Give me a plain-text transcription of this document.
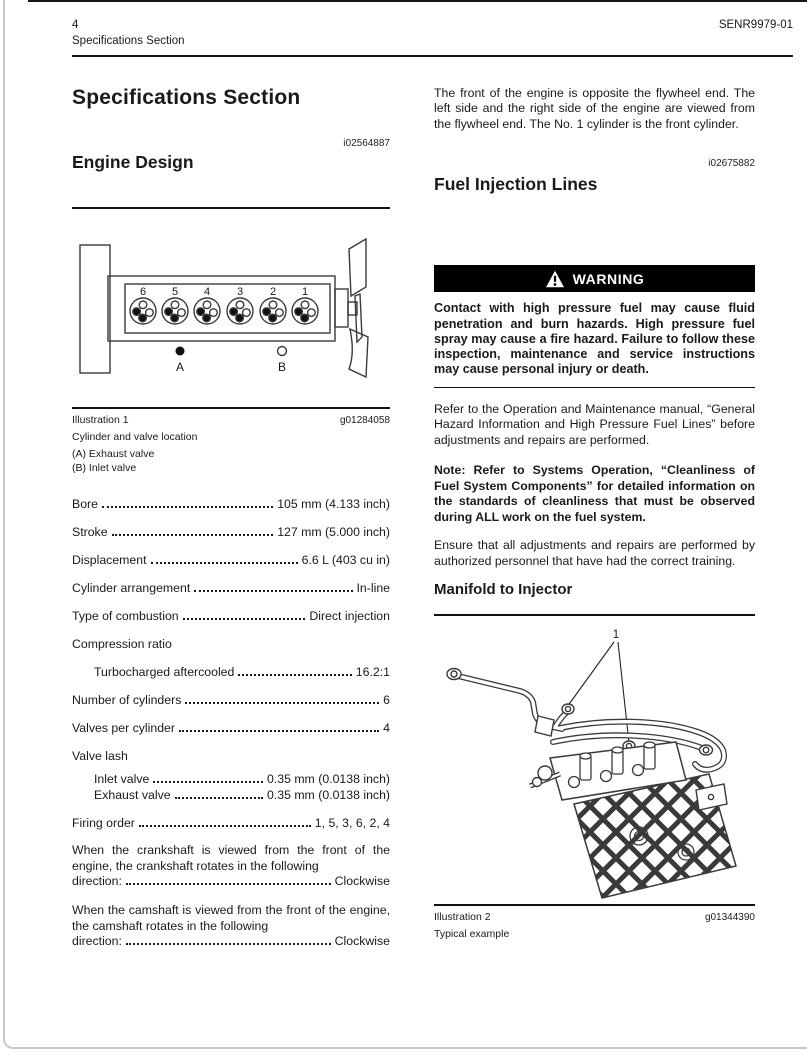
4
Specifications Section
SENR9979-01
Specifications Section
i02564887
Engine Design
6 5 4 3 2 1
A	B
Illustration 1	g01284058
Cylinder and valve location
(A) Exhaust valve
(B) Inlet valve
Bore	105 mm (4.133 inch)
Stroke	127 mm (5.000 inch)
Displacement	6.6 L (403 cu in)
Cylinder arrangement	In-line
Type of combustion	Direct injection
Compression ratio
Turbocharged aftercooled	16.2:1
Number of cylinders	6
Valves per cylinder	4
Valve lash
Inlet valve	0.35 mm (0.0138 inch)
Exhaust valve	0.35 mm (0.0138 inch)
Firing order	1, 5, 3, 6, 2, 4

When the crankshaft is viewed from the front of the engine, the crankshaft rotates in the following

direction:	Clockwise

When the camshaft is viewed from the front of the engine, the camshaft rotates in the following

direction:	Clockwise

The front of the engine is opposite the flywheel end. The left side and the right side of the engine are viewed from the flywheel end. The No. 1 cylinder is the front cylinder.

i02675882
Fuel Injection Lines
WARNING

Contact with high pressure fuel may cause fluid penetration and burn hazards. High pressure fuel spray may cause a fire hazard. Failure to follow these inspection, maintenance and service instructions may cause personal injury or death.

Refer to the Operation and Maintenance manual, “General Hazard Information and High Pressure Fuel Lines” before adjustments and repairs are performed.

Note: Refer to Systems Operation, “Cleanliness of Fuel System Components” for detailed information on the standards of cleanliness that must be observed during ALL work on the fuel system.

Ensure that all adjustments and repairs are performed by authorized personnel that have had the correct training.

Manifold to Injector
1
Illustration 2	g01344390
Typical example
